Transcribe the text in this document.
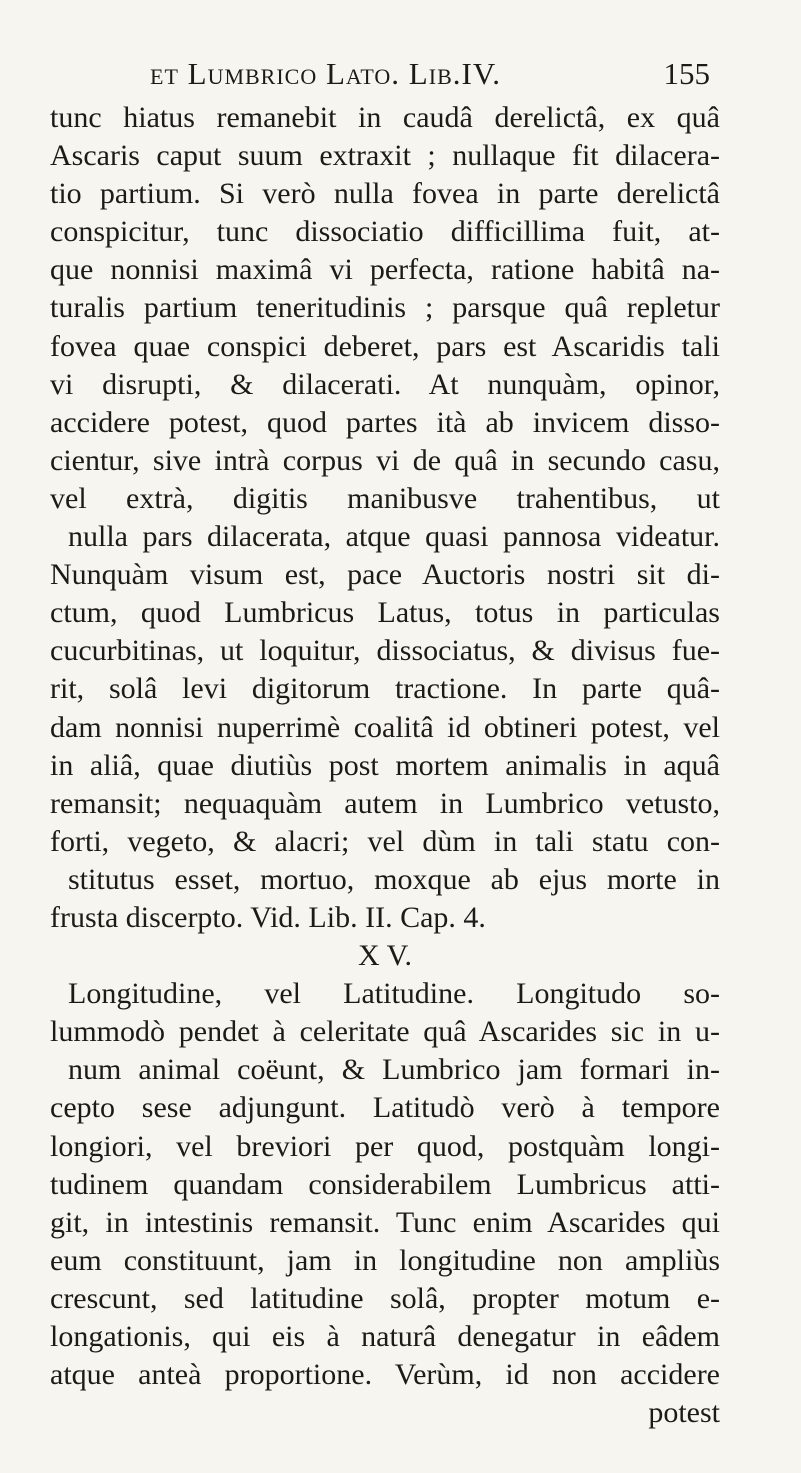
et Lumbrico Lato. Lib.IV.	155
tunc hiatus remanebit in caudâ derelictâ, ex quâ
Ascaris caput suum extraxit ; nullaque fit dilacera-
tio partium. Si verò nulla fovea in parte derelictâ
conspicitur, tunc dissociatio difficillima fuit, at-
que nonnisi maximâ vi perfecta, ratione habitâ na-
turalis partium teneritudinis ; parsque quâ repletur
fovea quae conspici deberet, pars est Ascaridis tali
vi disrupti, & dilacerati. At nunquàm, opinor,
accidere potest, quod partes ità ab invicem disso-
cientur, sive intrà corpus vi de quâ in secundo casu,
vel extrà, digitis manibusve trahentibus, ut
nulla pars dilacerata, atque quasi pannosa videatur.
Nunquàm visum est, pace Auctoris nostri sit di-
ctum, quod Lumbricus Latus, totus in particulas
cucurbitinas, ut loquitur, dissociatus, & divisus fue-
rit, solâ levi digitorum tractione. In parte quâ-
dam nonnisi nuperrimè coalitâ id obtineri potest, vel
in aliâ, quae diutiùs post mortem animalis in aquâ
remansit; nequaquàm autem in Lumbrico vetusto,
forti, vegeto, & alacri; vel dùm in tali statu con-
stitutus esset, mortuo, moxque ab ejus morte in
frusta discerpto. Vid. Lib. II. Cap. 4.
X V.
Longitudine, vel Latitudine. Longitudo so-
lummodò pendet à celeritate quâ Ascarides sic in u-
num animal coëunt, & Lumbrico jam formari in-
cepto sese adjungunt. Latitudò verò à tempore
longiori, vel breviori per quod, postquàm longi-
tudinem quandam considerabilem Lumbricus atti-
git, in intestinis remansit. Tunc enim Ascarides qui
eum constituunt, jam in longitudine non ampliùs
crescunt, sed latitudine solâ, propter motum e-
longationis, qui eis à naturâ denegatur in eâdem
atque anteà proportione. Verùm, id non accidere
potest
